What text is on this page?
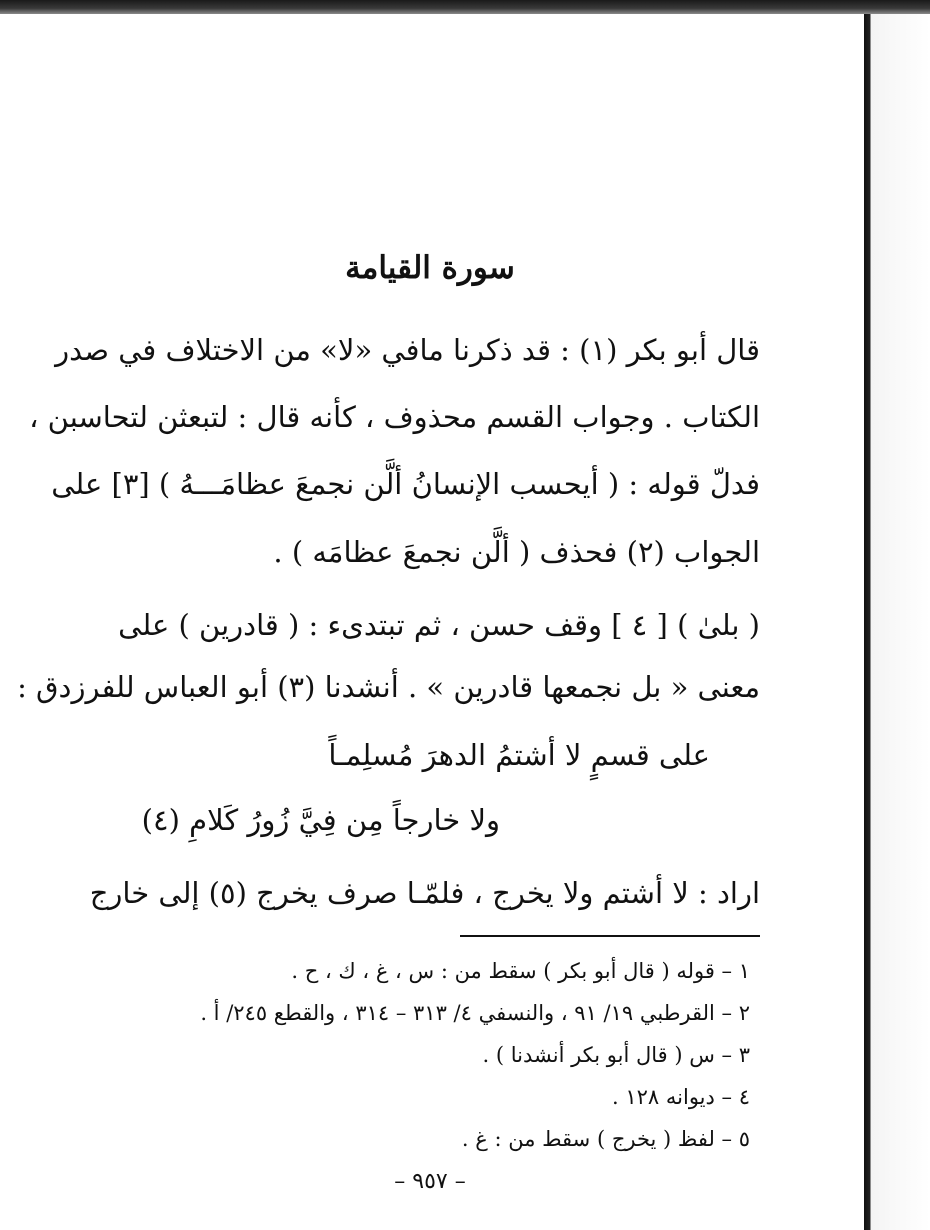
سورة القيامة
قال أبو بكر (١) : قد ذكرنا مافي «لا» من الاختلاف في صدر
الكتاب . وجواب القسم محذوف ، كأنه قال : لتبعثن لتحاسبن ،
فدلّ قوله : ( أيحسب الإنسانُ ألَّن نجمعَ عظامَـــهُ ) [٣] على
الجواب (٢) فحذف ( ألَّن نجمعَ عظامَه ) .
( بلىٰ ) [ ٤ ] وقف حسن ، ثم تبتدىء : ( قادرين ) على
معنى « بل نجمعها قادرين » . أنشدنا (٣) أبو العباس للفرزدق :
على قسمٍ لا أشتمُ الدهرَ مُسلِمـاً
ولا خارجاً مِن فِيَّ زُورُ كَلامِ (٤)
اراد : لا أشتم ولا يخرج ، فلمّـا صرف يخرج (٥) إلى خارج
١ – قوله ( قال أبو بكر ) سقط من : س ، غ ، ك ، ح .
٢ – القرطبي ١٩/ ٩١ ، والنسفي ٤/ ٣١٣ – ٣١٤ ، والقطع ٢٤٥/ أ .
٣ – س ( قال أبو بكر أنشدنا ) .
٤ – ديوانه ١٢٨ .
٥ – لفظ ( يخرج ) سقط من : غ .
– ٩٥٧ –
